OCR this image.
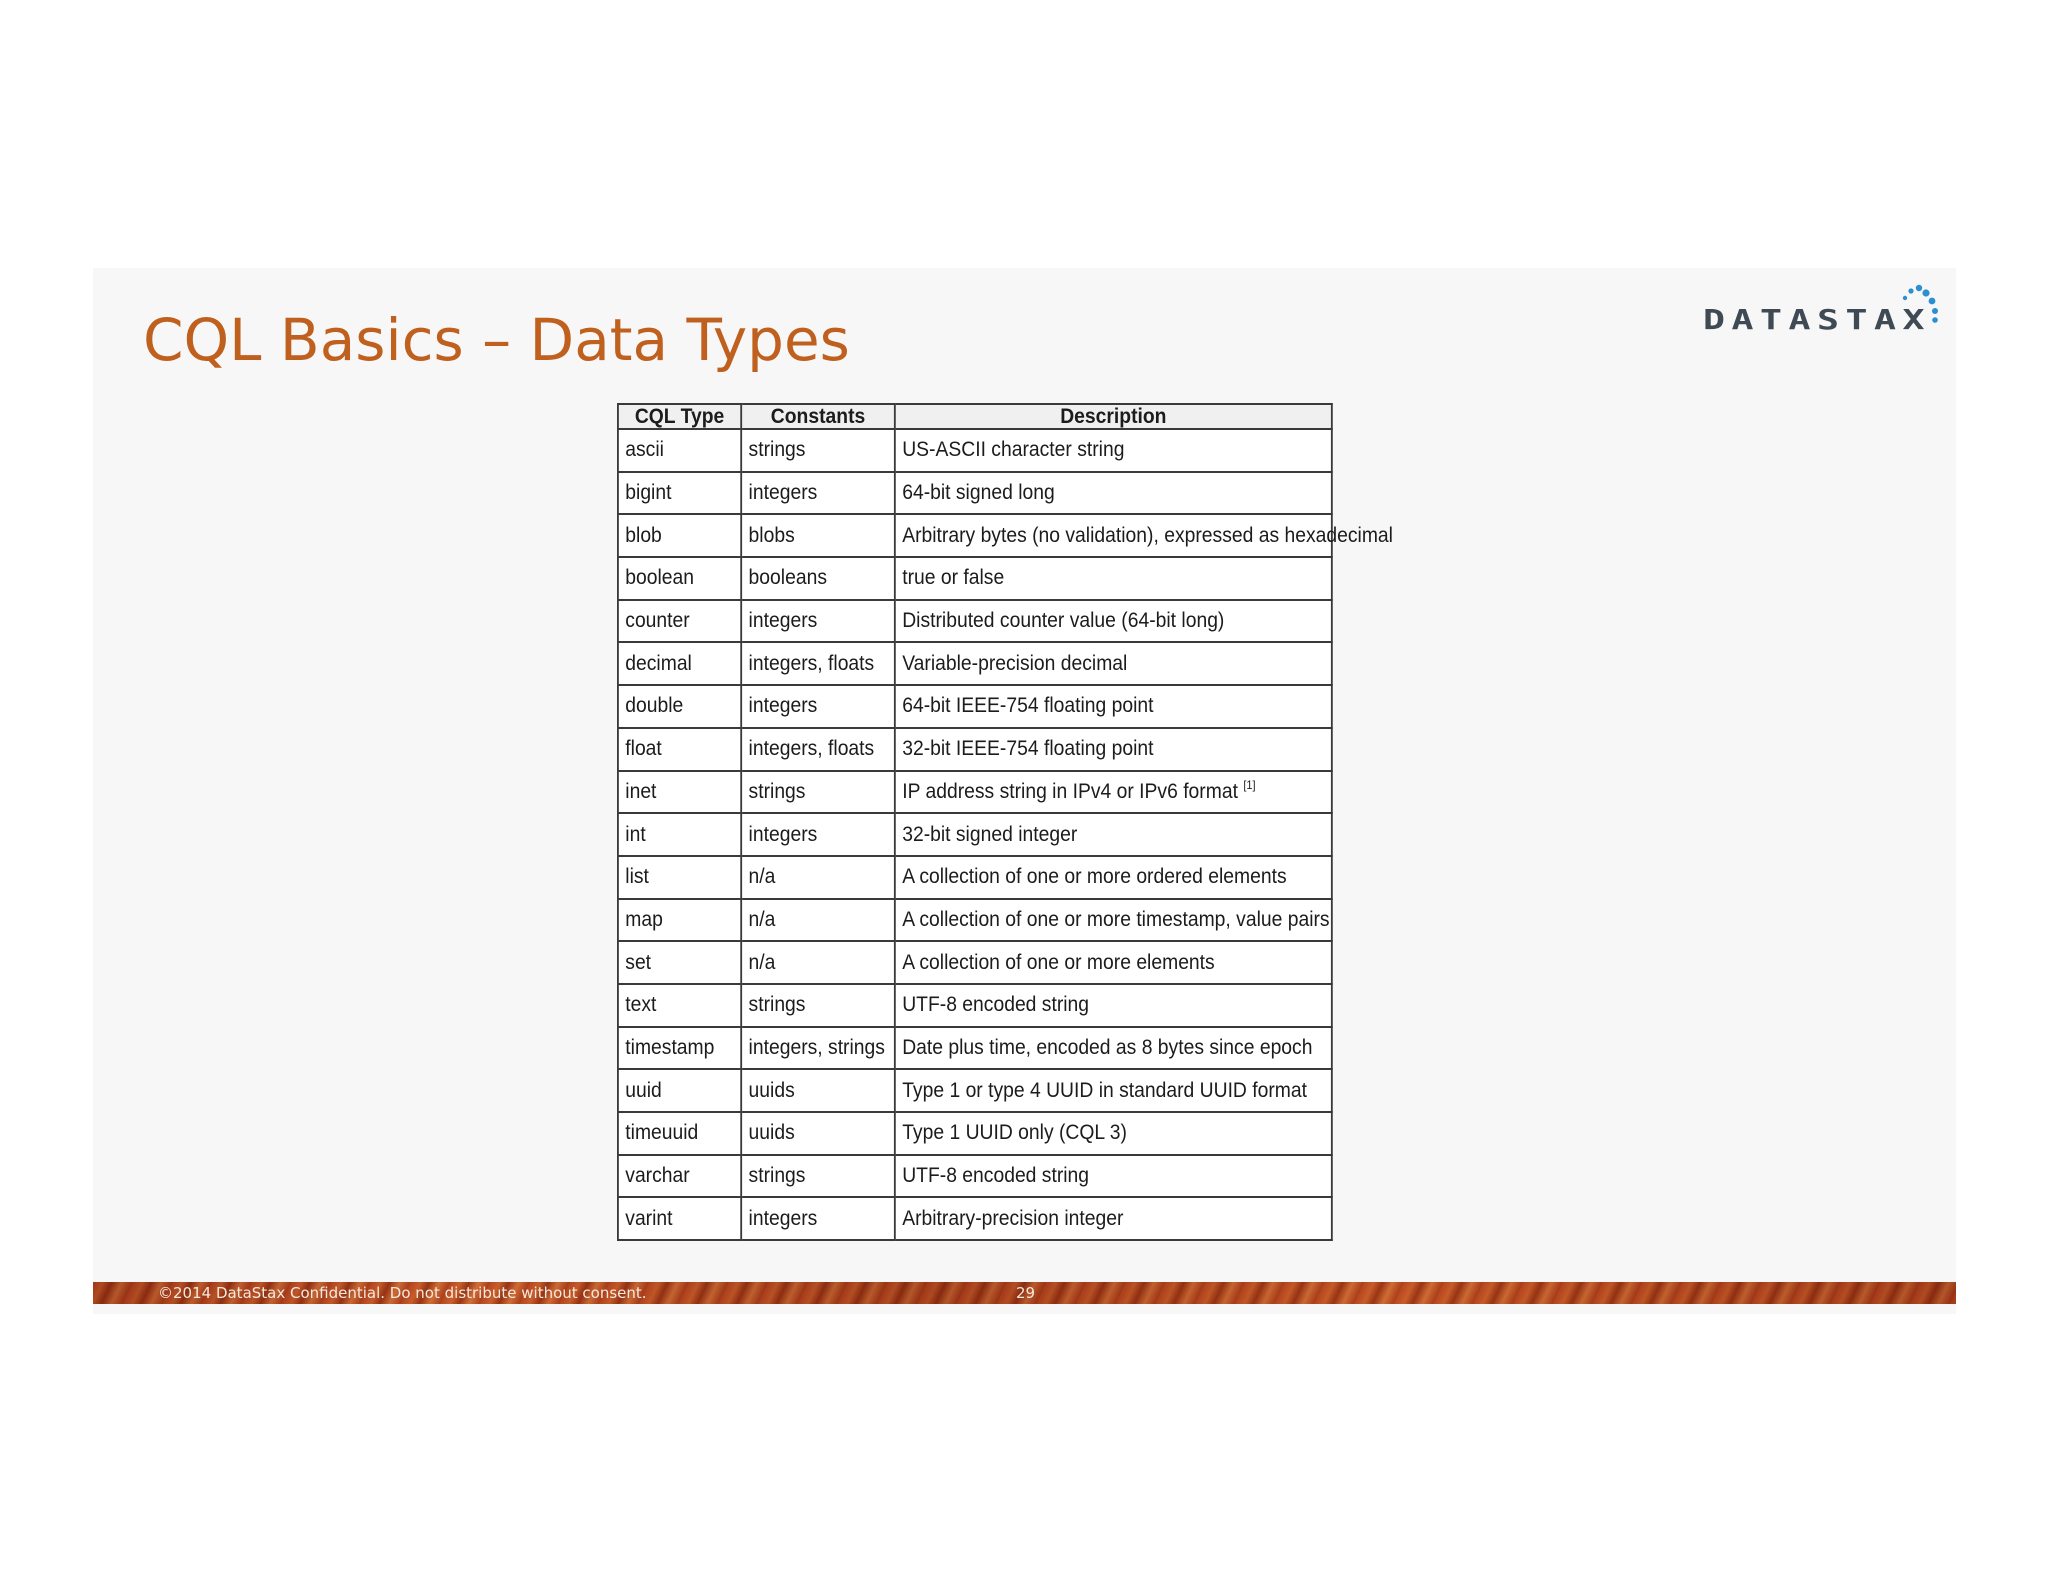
CQL Basics – Data Types	DATASTAX
CQL Type	Constants	Description
ascii	strings	US-ASCII character string
bigint	integers	64-bit signed long
blob	blobs	Arbitrary bytes (no validation), expressed as hexadecimal
boolean	booleans	true or false
counter	integers	Distributed counter value (64-bit long)
decimal	integers, floats	Variable-precision decimal
double	integers	64-bit IEEE-754 floating point
float	integers, floats	32-bit IEEE-754 floating point
inet	strings	IP address string in IPv4 or IPv6 format [1]
int	integers	32-bit signed integer
list	n/a	A collection of one or more ordered elements
map	n/a	A collection of one or more timestamp, value pairs
set	n/a	A collection of one or more elements
text	strings	UTF-8 encoded string
timestamp	integers, strings	Date plus time, encoded as 8 bytes since epoch
uuid	uuids	Type 1 or type 4 UUID in standard UUID format
timeuuid	uuids	Type 1 UUID only (CQL 3)
varchar	strings	UTF-8 encoded string
varint	integers	Arbitrary-precision integer
©2014 DataStax Confidential. Do not distribute without consent.	29
